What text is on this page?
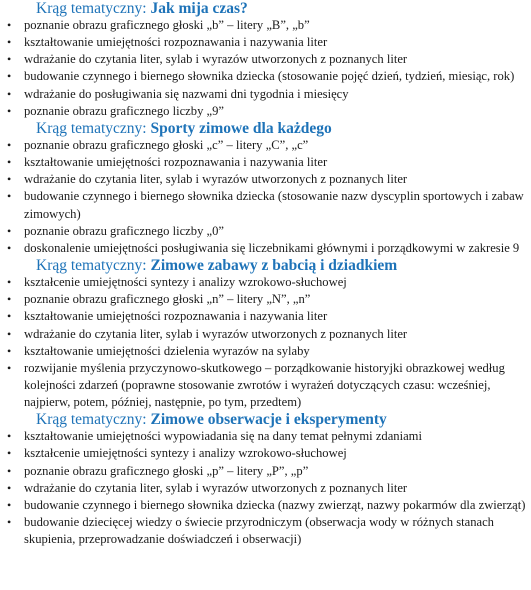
Krąg tematyczny: Jak mija czas?
• poznanie obrazu graficznego głoski „b” – litery „B”, „b”
• kształtowanie umiejętności rozpoznawania i nazywania liter
• wdrażanie do czytania liter, sylab i wyrazów utworzonych z poznanych liter
• budowanie czynnego i biernego słownika dziecka (stosowanie pojęć dzień, tydzień, miesiąc, rok)
• wdrażanie do posługiwania się nazwami dni tygodnia i miesięcy
• poznanie obrazu graficznego liczby „9”
Krąg tematyczny: Sporty zimowe dla każdego
• poznanie obrazu graficznego głoski „c” – litery „C”, „c”
• kształtowanie umiejętności rozpoznawania i nazywania liter
• wdrażanie do czytania liter, sylab i wyrazów utworzonych z poznanych liter
• budowanie czynnego i biernego słownika dziecka (stosowanie nazw dyscyplin sportowych i zabaw zimowych)
• poznanie obrazu graficznego liczby „0”
• doskonalenie umiejętności posługiwania się liczebnikami głównymi i porządkowymi w zakresie 9
Krąg tematyczny: Zimowe zabawy z babcią i dziadkiem
• kształcenie umiejętności syntezy i analizy wzrokowo-słuchowej
• poznanie obrazu graficznego głoski „n” – litery „N”, „n”
• kształtowanie umiejętności rozpoznawania i nazywania liter
• wdrażanie do czytania liter, sylab i wyrazów utworzonych z poznanych liter
• kształtowanie umiejętności dzielenia wyrazów na sylaby
• rozwijanie myślenia przyczynowo-skutkowego – porządkowanie historyjki obrazkowej według kolejności zdarzeń (poprawne stosowanie zwrotów i wyrażeń dotyczących czasu: wcześniej, najpierw, potem, później, następnie, po tym, przedtem)
Krąg tematyczny: Zimowe obserwacje i eksperymenty
• kształtowanie umiejętności wypowiadania się na dany temat pełnymi zdaniami
• kształcenie umiejętności syntezy i analizy wzrokowo-słuchowej
• poznanie obrazu graficznego głoski „p” – litery „P”, „p”
• wdrażanie do czytania liter, sylab i wyrazów utworzonych z poznanych liter
• budowanie czynnego i biernego słownika dziecka (nazwy zwierząt, nazwy pokarmów dla zwierząt)
• budowanie dziecięcej wiedzy o świecie przyrodniczym (obserwacja wody w różnych stanach skupienia, przeprowadzanie doświadczeń i obserwacji)
